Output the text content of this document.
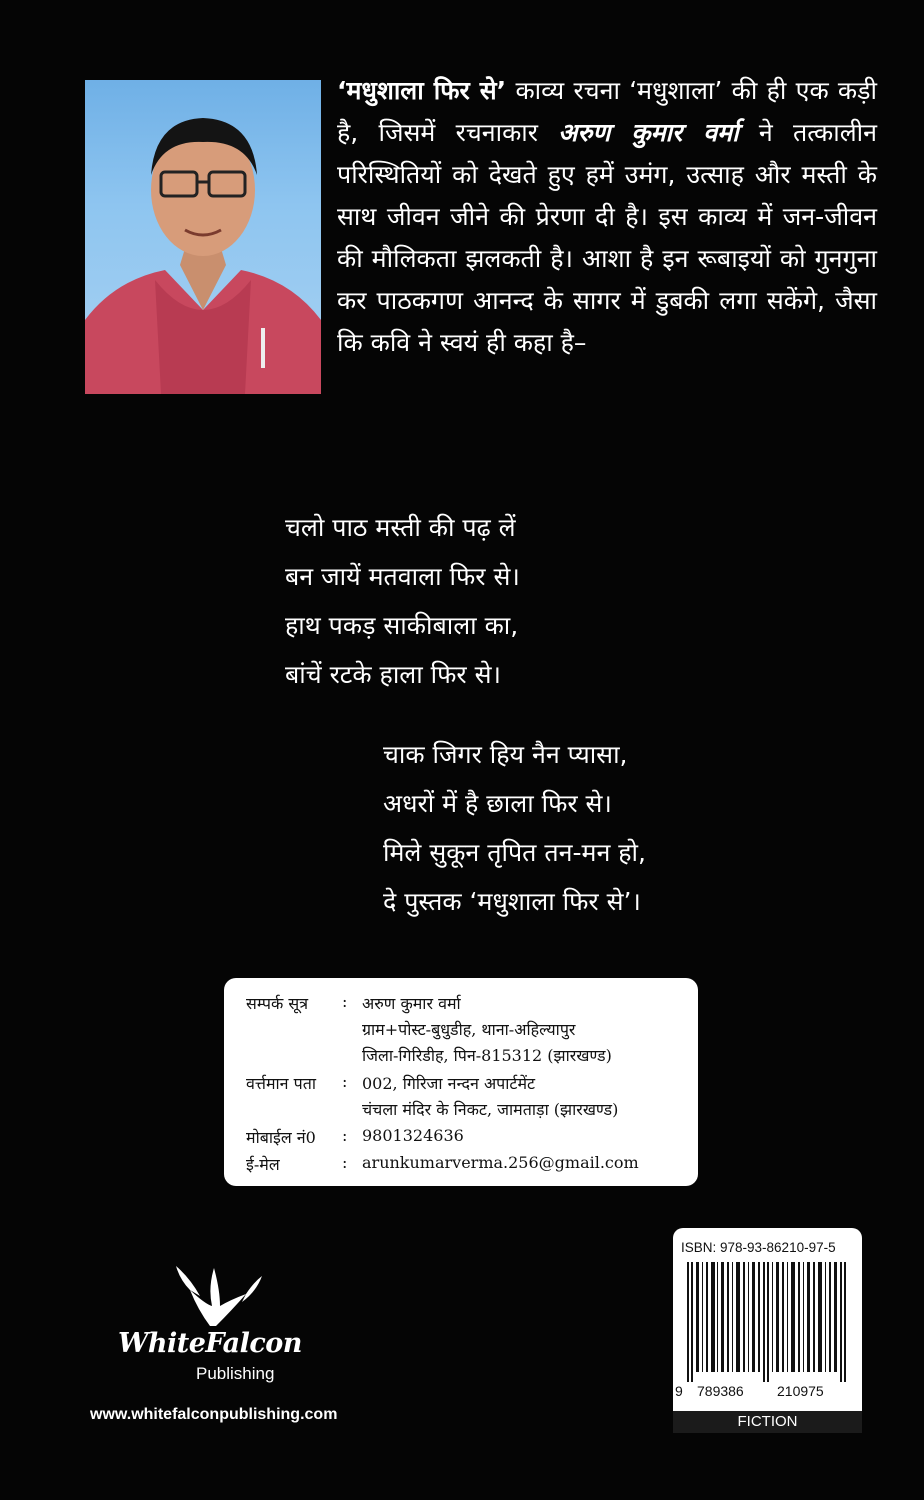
‘मधुशाला फिर से’ काव्य रचना ‘मधुशाला’ की ही एक कड़ी है, जिसमें रचनाकार अरुण कुमार वर्मा ने तत्कालीन परिस्थितियों को देखते हुए हमें उमंग, उत्साह और मस्ती के साथ जीवन जीने की प्रेरणा दी है। इस काव्य में जन-जीवन की मौलिकता झलकती है। आशा है इन रूबाइयों को गुनगुना कर पाठकगण आनन्द के सागर में डुबकी लगा सकेंगे, जैसा कि कवि ने स्वयं ही कहा है–

चलो पाठ मस्ती की पढ़ लें
बन जायें मतवाला फिर से।
हाथ पकड़ साकीबाला का,
बांचें रटके हाला फिर से।
चाक जिगर हिय नैन प्यासा,
अधरों में है छाला फिर से।
मिले सुकून तृपित तन-मन हो,
दे पुस्तक ‘मधुशाला फिर से’।
सम्पर्क सूत्र	: अरुण कुमार वर्मा
ग्राम+पोस्ट-बुधुडीह, थाना-अहिल्यापुर
जिला-गिरिडीह, पिन-815312 (झारखण्ड)
वर्त्तमान पता	: 002, गिरिजा नन्दन अपार्टमेंट
चंचला मंदिर के निकट, जामताड़ा (झारखण्ड)
मोबाईल नं0	: 9801324636
ई-मेल	: arunkumarverma.256@gmail.com
WhiteFalcon
Publishing
www.whitefalconpublishing.com
ISBN: 978-93-86210-97-5
9 789386 210975
FICTION
